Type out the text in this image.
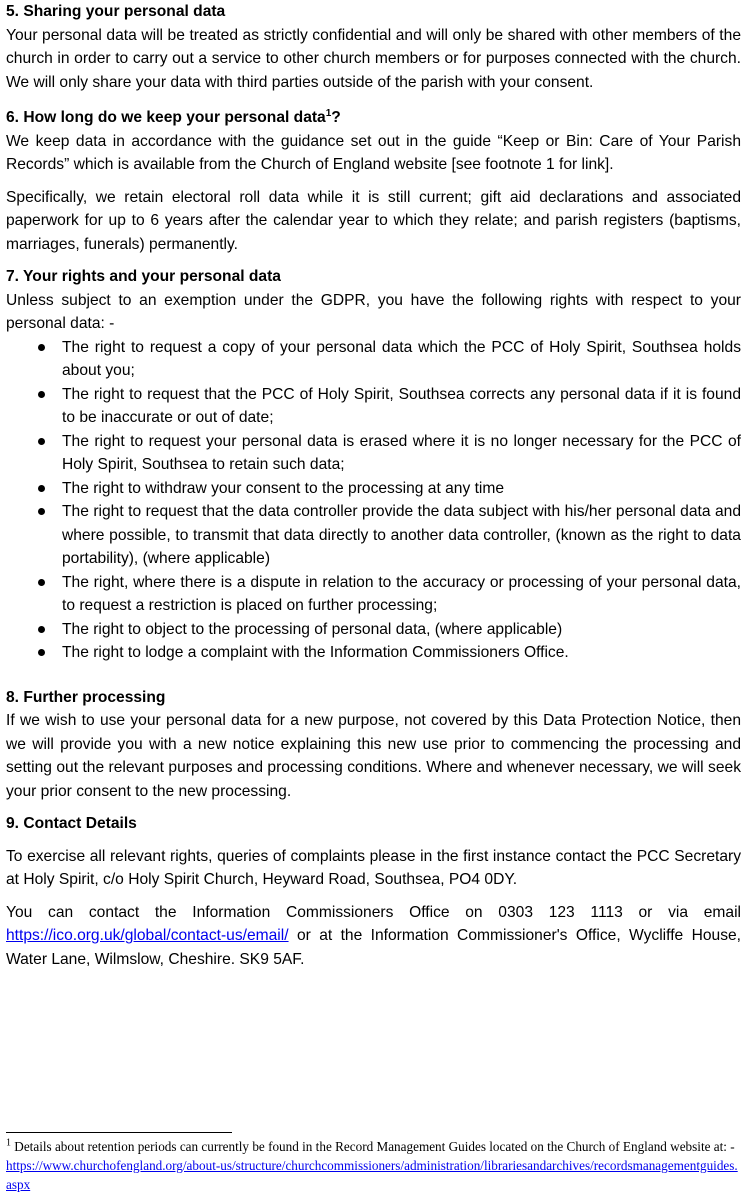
5. Sharing your personal data

Your personal data will be treated as strictly confidential and will only be shared with other members of the church in order to carry out a service to other church members or for purposes connected with the church. We will only share your data with third parties outside of the parish with your consent.

6. How long do we keep your personal data$^1$?

We keep data in accordance with the guidance set out in the guide “Keep or Bin: Care of Your Parish Records” which is available from the Church of England website [see footnote 1 for link].

Specifically, we retain electoral roll data while it is still current; gift aid declarations and associated paperwork for up to 6 years after the calendar year to which they relate; and parish registers (baptisms, marriages, funerals) permanently.

7. Your rights and your personal data

Unless subject to an exemption under the GDPR, you have the following rights with respect to your personal data: -

The right to request a copy of your personal data which the PCC of Holy Spirit, Southsea holds about you;
The right to request that the PCC of Holy Spirit, Southsea corrects any personal data if it is found to be inaccurate or out of date;
The right to request your personal data is erased where it is no longer necessary for the PCC of Holy Spirit, Southsea to retain such data;
The right to withdraw your consent to the processing at any time
The right to request that the data controller provide the data subject with his/her personal data and where possible, to transmit that data directly to another data controller, (known as the right to data portability), (where applicable)
The right, where there is a dispute in relation to the accuracy or processing of your personal data, to request a restriction is placed on further processing;
The right to object to the processing of personal data, (where applicable)
The right to lodge a complaint with the Information Commissioners Office.
8. Further processing

If we wish to use your personal data for a new purpose, not covered by this Data Protection Notice, then we will provide you with a new notice explaining this new use prior to commencing the processing and setting out the relevant purposes and processing conditions. Where and whenever necessary, we will seek your prior consent to the new processing.

9. Contact Details

To exercise all relevant rights, queries of complaints please in the first instance contact the PCC Secretary at Holy Spirit, c/o Holy Spirit Church, Heyward Road, Southsea, PO4 0DY.

You can contact the Information Commissioners Office on 0303 123 1113 or via email https://ico.org.uk/global/contact-us/email/ or at the Information Commissioner's Office, Wycliffe House, Water Lane, Wilmslow, Cheshire. SK9 5AF.

$^1$ Details about retention periods can currently be found in the Record Management Guides located on the Church of England website at: - https://www.churchofengland.org/about-us/structure/churchcommissioners/administration/librariesandarchives/recordsmanagementguides.aspx
